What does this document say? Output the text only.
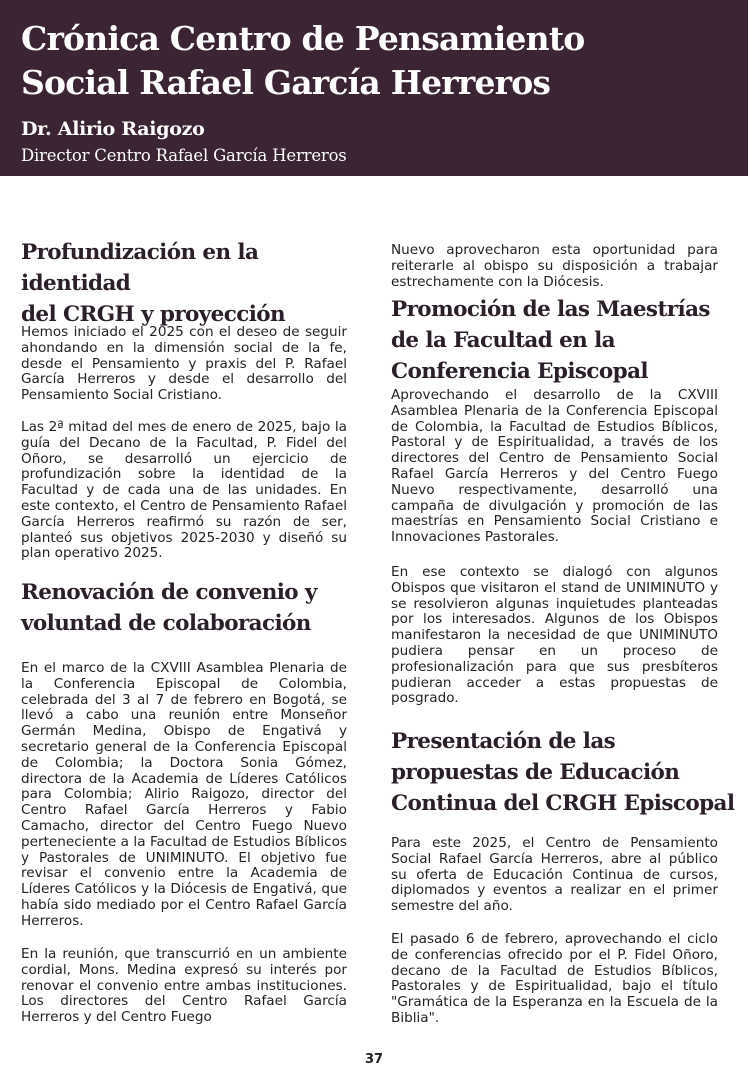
Crónica Centro de Pensamiento
Social Rafael García Herreros
Dr. Alirio Raigozo
Director Centro Rafael García Herreros
Profundización en la identidad
del CRGH y proyección
Hemos iniciado el 2025 con el deseo de seguir ahondando en la dimensión social de la fe, desde el Pensamiento y praxis del P. Rafael García Herreros y desde el desarrollo del Pensamiento Social Cristiano.
Las 2ª mitad del mes de enero de 2025, bajo la guía del Decano de la Facultad, P. Fidel del Oñoro, se desarrolló un ejercicio de profundización sobre la identidad de la Facultad y de cada una de las unidades. En este contexto, el Centro de Pensamiento Rafael García Herreros reafirmó su razón de ser, planteó sus objetivos 2025-2030 y diseñó su plan operativo 2025.
Renovación de convenio y
voluntad de colaboración
En el marco de la CXVIII Asamblea Plenaria de la Conferencia Episcopal de Colombia, celebrada del 3 al 7 de febrero en Bogotá, se llevó a cabo una reunión entre Monseñor Germán Medina, Obispo de Engativá y secretario general de la Conferencia Episcopal de Colombia; la Doctora Sonia Gómez, directora de la Academia de Líderes Católicos para Colombia; Alirio Raigozo, director del Centro Rafael García Herreros y Fabio Camacho, director del Centro Fuego Nuevo perteneciente a la Facultad de Estudios Bíblicos y Pastorales de UNIMINUTO. El objetivo fue revisar el convenio entre la Academia de Líderes Católicos y la Diócesis de Engativá, que había sido mediado por el Centro Rafael García Herreros.
En la reunión, que transcurrió en un ambiente cordial, Mons. Medina expresó su interés por renovar el convenio entre ambas instituciones. Los directores del Centro Rafael García Herreros y del Centro Fuego
Nuevo aprovecharon esta oportunidad para reiterarle al obispo su disposición a trabajar estrechamente con la Diócesis.
Promoción de las Maestrías
de la Facultad en la
Conferencia Episcopal
Aprovechando el desarrollo de la CXVIII Asamblea Plenaria de la Conferencia Episcopal de Colombia, la Facultad de Estudios Bíblicos, Pastoral y de Espiritualidad, a través de los directores del Centro de Pensamiento Social Rafael García Herreros y del Centro Fuego Nuevo respectivamente, desarrolló una campaña de divulgación y promoción de las maestrías en Pensamiento Social Cristiano e Innovaciones Pastorales.
En ese contexto se dialogó con algunos Obispos que visitaron el stand de UNIMINUTO y se resolvieron algunas inquietudes planteadas por los interesados. Algunos de los Obispos manifestaron la necesidad de que UNIMINUTO pudiera pensar en un proceso de profesionalización para que sus presbíteros pudieran acceder a estas propuestas de posgrado.
Presentación de las
propuestas de Educación
Continua del CRGH Episcopal
Para este 2025, el Centro de Pensamiento Social Rafael García Herreros, abre al público su oferta de Educación Continua de cursos, diplomados y eventos a realizar en el primer semestre del año.
El pasado 6 de febrero, aprovechando el ciclo de conferencias ofrecido por el P. Fidel Oñoro, decano de la Facultad de Estudios Bíblicos, Pastorales y de Espiritualidad, bajo el título "Gramática de la Esperanza en la Escuela de la Biblia".
37
